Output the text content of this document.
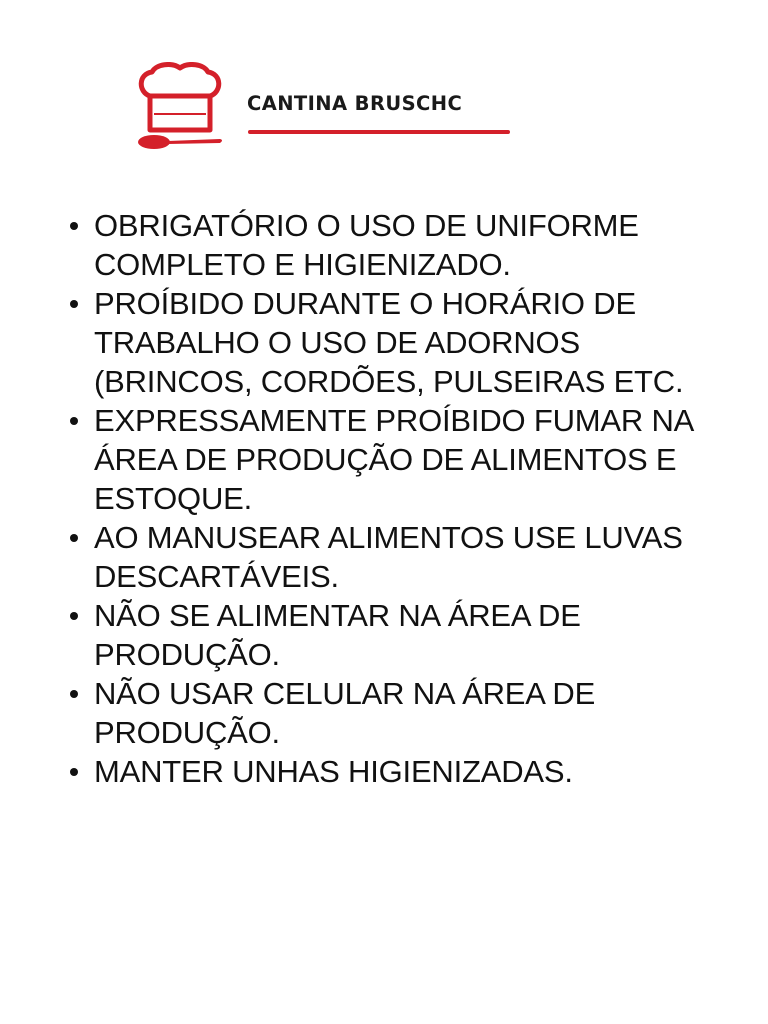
CANTINA BRUSCHC
OBRIGATÓRIO O USO DE UNIFORME COMPLETO E HIGIENIZADO.
PROÍBIDO DURANTE O HORÁRIO DE TRABALHO O USO DE ADORNOS (BRINCOS, CORDÕES, PULSEIRAS ETC.
EXPRESSAMENTE PROÍBIDO FUMAR NA ÁREA DE PRODUÇÃO DE ALIMENTOS E ESTOQUE.
AO MANUSEAR ALIMENTOS USE LUVAS DESCARTÁVEIS.
NÃO SE ALIMENTAR NA ÁREA DE PRODUÇÃO.
NÃO USAR CELULAR NA ÁREA DE PRODUÇÃO.
MANTER UNHAS HIGIENIZADAS.
